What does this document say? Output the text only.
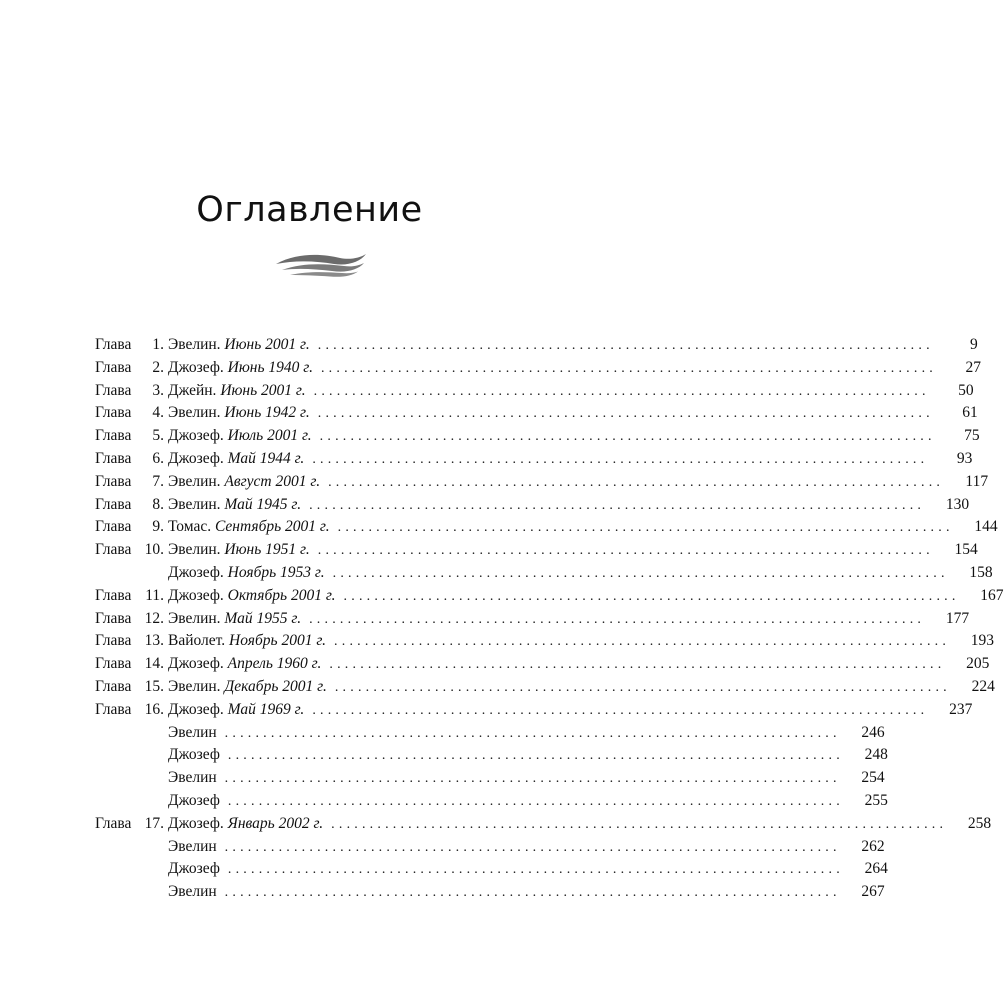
Оглавление
Глава	1. Эвелин. Июнь 2001 г. ................................................................................	9
Глава	2. Джозеф. Июнь 1940 г. ................................................................................	27
Глава	3. Джейн. Июнь 2001 г. ................................................................................	50
Глава	4. Эвелин. Июнь 1942 г. ................................................................................	61
Глава	5. Джозеф. Июль 2001 г. ................................................................................	75
Глава	6. Джозеф. Май 1944 г. ................................................................................	93
Глава	7. Эвелин. Август 2001 г. ................................................................................	117
Глава	8. Эвелин. Май 1945 г. ................................................................................	130
Глава	9. Томас. Сентябрь 2001 г. ................................................................................	144
Глава 10. Эвелин. Июнь 1951 г. ................................................................................	154
Джозеф. Ноябрь 1953 г. ................................................................................	158
Глава 11. Джозеф. Октябрь 2001 г. ................................................................................	167
Глава 12. Эвелин. Май 1955 г. ................................................................................	177
Глава 13. Вайолет. Ноябрь 2001 г. ................................................................................	193
Глава 14. Джозеф. Апрель 1960 г. ................................................................................	205
Глава 15. Эвелин. Декабрь 2001 г. ................................................................................	224
Глава 16. Джозеф. Май 1969 г. ................................................................................	237
Эвелин ................................................................................	246
Джозеф ................................................................................	248
Эвелин ................................................................................	254
Джозеф ................................................................................	255
Глава 17. Джозеф. Январь 2002 г. ................................................................................	258
Эвелин ................................................................................	262
Джозеф ................................................................................	264
Эвелин ................................................................................	267
